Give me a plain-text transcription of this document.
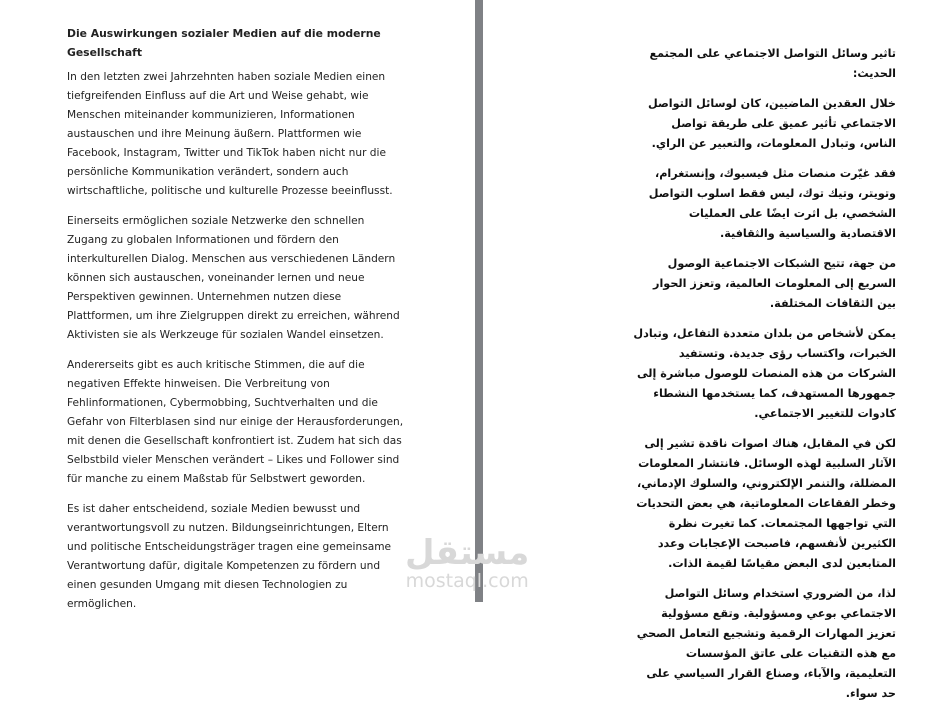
Die Auswirkungen sozialer Medien auf die moderne Gesellschaft

In den letzten zwei Jahrzehnten haben soziale Medien einen tiefgreifenden Einfluss auf die Art und Weise gehabt, wie Menschen miteinander kommunizieren, Informationen austauschen und ihre Meinung äußern. Plattformen wie Facebook, Instagram, Twitter und TikTok haben nicht nur die persönliche Kommunikation verändert, sondern auch wirtschaftliche, politische und kulturelle Prozesse beeinflusst.

Einerseits ermöglichen soziale Netzwerke den schnellen Zugang zu globalen Informationen und fördern den interkulturellen Dialog. Menschen aus verschiedenen Ländern können sich austauschen, voneinander lernen und neue Perspektiven gewinnen. Unternehmen nutzen diese Plattformen, um ihre Zielgruppen direkt zu erreichen, während Aktivisten sie als Werkzeuge für sozialen Wandel einsetzen.

Andererseits gibt es auch kritische Stimmen, die auf die negativen Effekte hinweisen. Die Verbreitung von Fehlinformationen, Cybermobbing, Suchtverhalten und die Gefahr von Filterblasen sind nur einige der Herausforderungen, mit denen die Gesellschaft konfrontiert ist. Zudem hat sich das Selbstbild vieler Menschen verändert – Likes und Follower sind für manche zu einem Maßstab für Selbstwert geworden.

Es ist daher entscheidend, soziale Medien bewusst und verantwortungsvoll zu nutzen. Bildungseinrichtungen, Eltern und politische Entscheidungsträger tragen eine gemeinsame Verantwortung dafür, digitale Kompetenzen zu fördern und einen gesunden Umgang mit diesen Technologien zu ermöglichen.

تاثير وسائل التواصل الاجتماعي على المجتمع الحديث:

خلال العقدين الماضيين، كان لوسائل التواصل الاجتماعي تأثير عميق على طريقة تواصل الناس، وتبادل المعلومات، والتعبير عن الراي.

فقد غيّرت منصات مثل فيسبوك، وإنستغرام، وتويتر، وتيك توك، ليس فقط اسلوب التواصل الشخصي، بل اثرت ايضًا على العمليات الاقتصادية والسياسية والثقافية.

من جهة، تتيح الشبكات الاجتماعية الوصول السريع إلى المعلومات العالمية، وتعزز الحوار بين الثقافات المختلفة.

يمكن لأشخاص من بلدان متعددة التفاعل، وتبادل الخبرات، واكتساب رؤى جديدة. وتستفيد الشركات من هذه المنصات للوصول مباشرة إلى جمهورها المستهدف، كما يستخدمها النشطاء كادوات للتغيير الاجتماعي.

لكن في المقابل، هناك اصوات ناقدة تشير إلى الآثار السلبية لهذه الوسائل. فانتشار المعلومات المضللة، والتنمر الإلكتروني، والسلوك الإدماني، وخطر الفقاعات المعلوماتية، هي بعض التحديات التي تواجهها المجتمعات. كما تغيرت نظرة الكثيرين لأنفسهم، فاصبحت الإعجابات وعدد المتابعين لدى البعض مقياسًا لقيمة الذات.

لذا، من الضروري استخدام وسائل التواصل الاجتماعي بوعي ومسؤولية. وتقع مسؤولية تعزيز المهارات الرقمية وتشجيع التعامل الصحي مع هذه التقنيات على عاتق المؤسسات التعليمية، والآباء، وصناع القرار السياسي على حد سواء.

مستقل
mostaql.com
